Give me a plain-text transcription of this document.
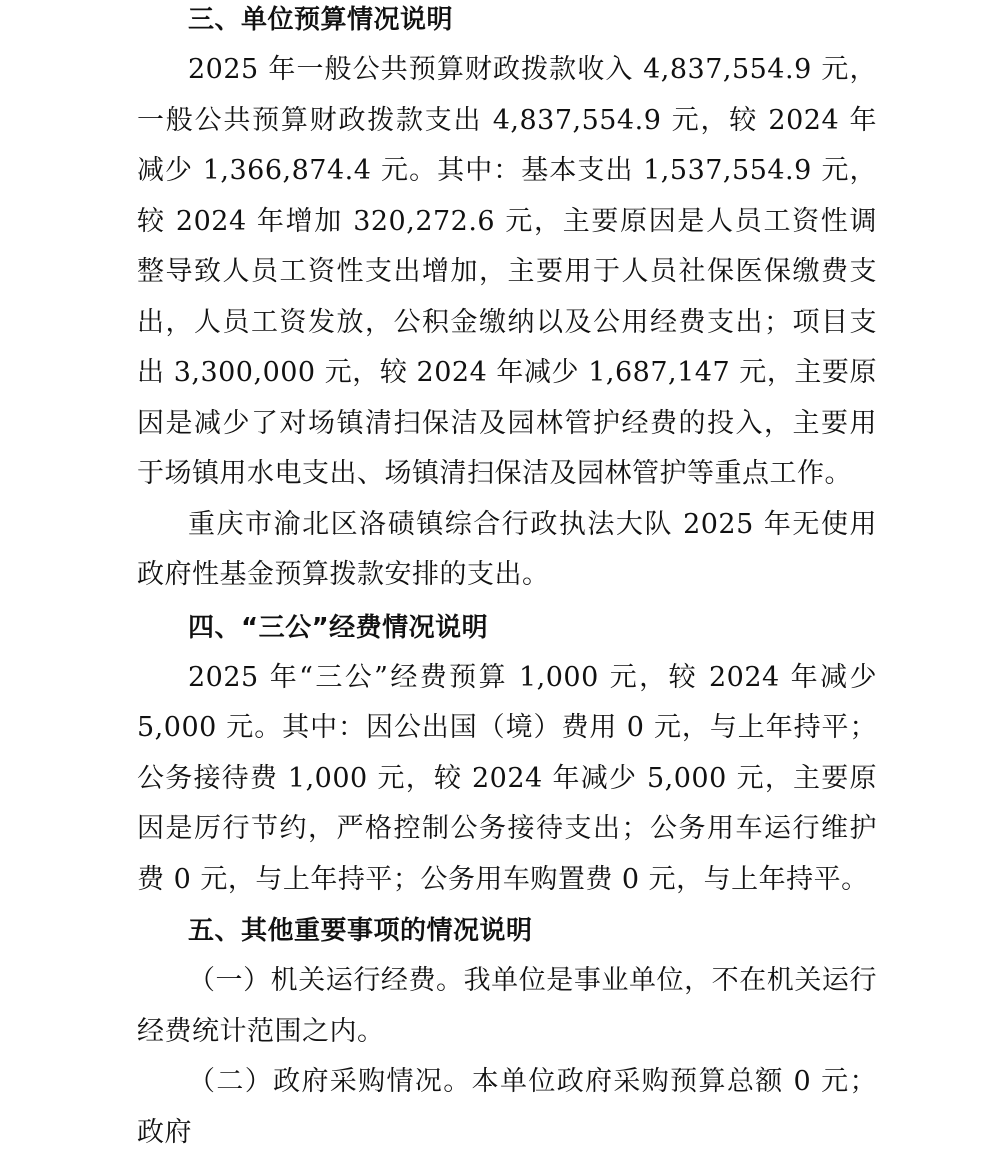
三、单位预算情况说明

2025 年一般公共预算财政拨款收入 4,837,554.9 元，一般公共预算财政拨款支出 4,837,554.9 元，较 2024 年减少 1,366,874.4 元。其中：基本支出 1,537,554.9 元，较 2024 年增加 320,272.6 元，主要原因是人员工资性调整导致人员工资性支出增加，主要用于人员社保医保缴费支出，人员工资发放，公积金缴纳以及公用经费支出；项目支出 3,300,000 元，较 2024 年减少 1,687,147 元，主要原因是减少了对场镇清扫保洁及园林管护经费的投入，主要用于场镇用水电支出、场镇清扫保洁及园林管护等重点工作。

重庆市渝北区洛碛镇综合行政执法大队 2025 年无使用政府性基金预算拨款安排的支出。

四、“三公”经费情况说明

2025 年“三公”经费预算 1,000 元，较 2024 年减少 5,000 元。其中：因公出国（境）费用 0 元，与上年持平；公务接待费 1,000 元，较 2024 年减少 5,000 元，主要原因是厉行节约，严格控制公务接待支出；公务用车运行维护费 0 元，与上年持平；公务用车购置费 0 元，与上年持平。

五、其他重要事项的情况说明

（一）机关运行经费。我单位是事业单位，不在机关运行经费统计范围之内。

（二）政府采购情况。本单位政府采购预算总额 0 元；政府
